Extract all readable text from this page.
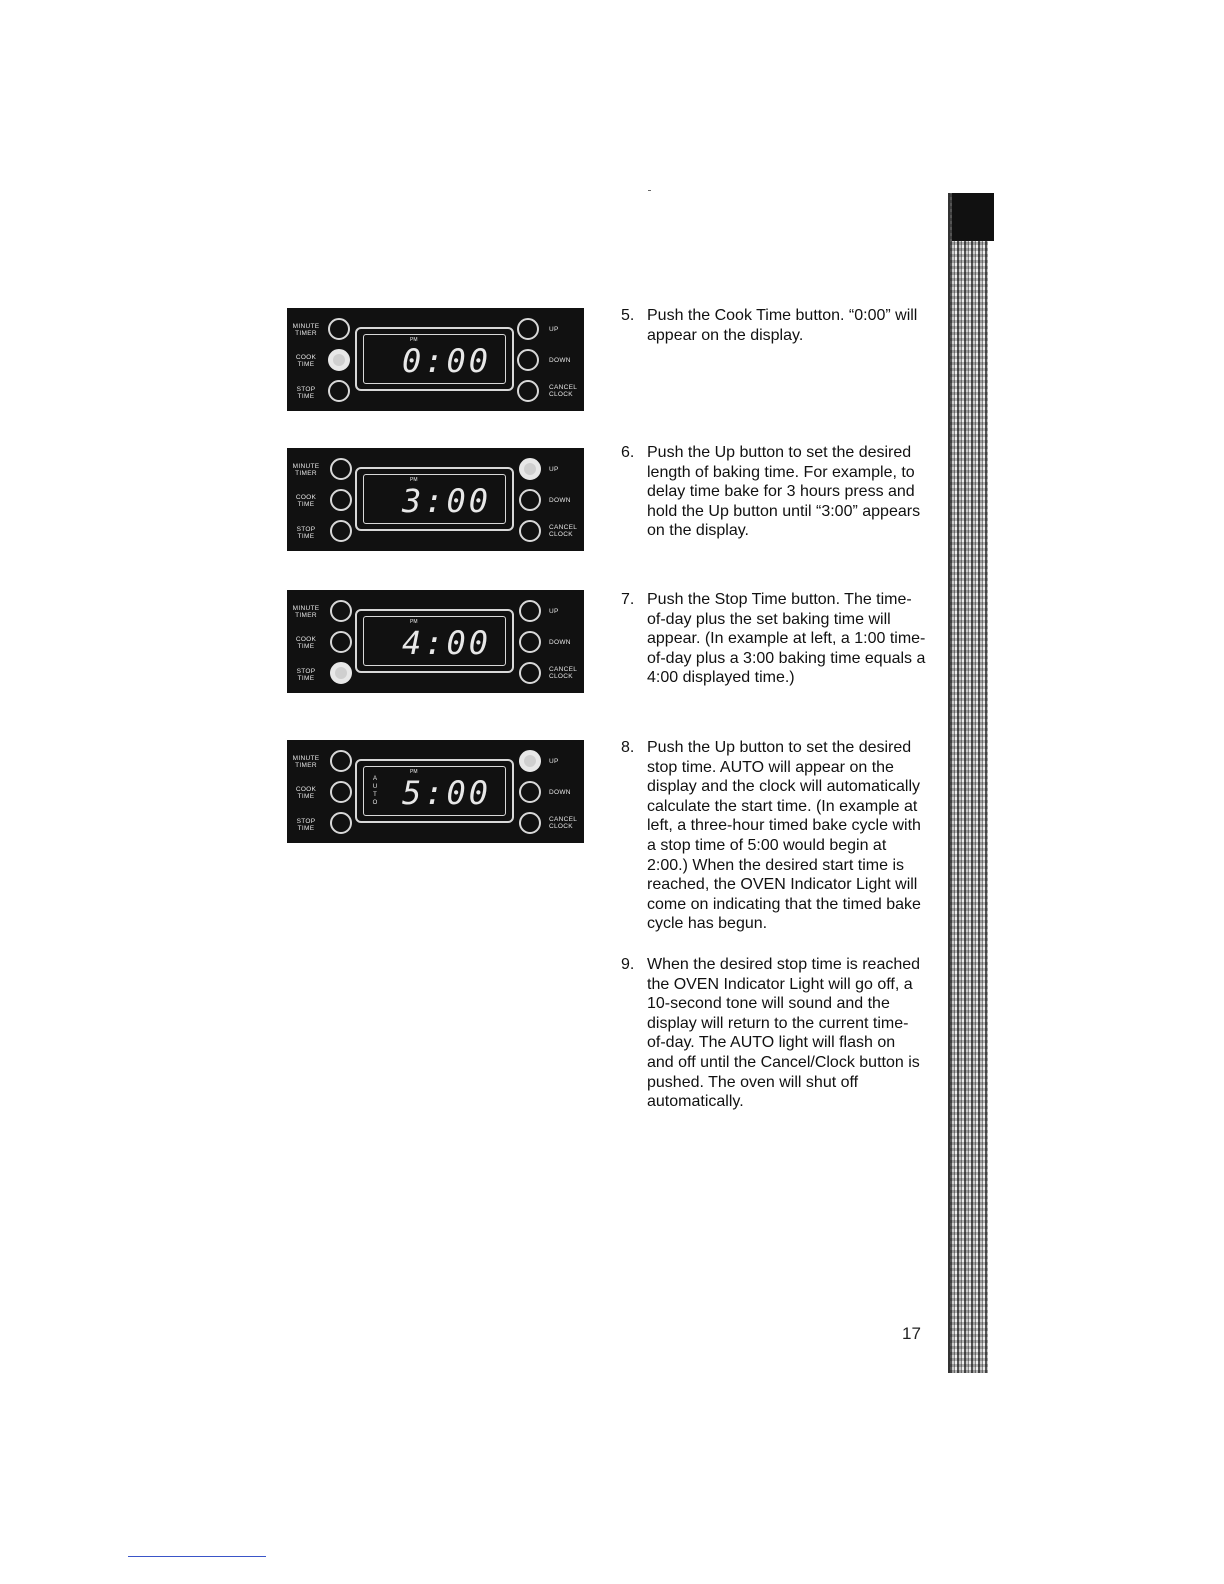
MINUTE
TIMER
COOK
TIME
STOP
TIME
PM
0:00
UP
DOWN
CANCEL
CLOCK
MINUTE
TIMER
COOK
TIME
STOP
TIME
PM
3:00
UP
DOWN
CANCEL
CLOCK
MINUTE
TIMER
COOK
TIME
STOP
TIME
PM
4:00
UP
DOWN
CANCEL
CLOCK
MINUTE
TIMER
COOK
TIME
STOP
TIME
A
U
T
O
PM
5:00
UP
DOWN
CANCEL
CLOCK
5. Push the Cook Time button. “0:00” will appear on the display.
6. Push the Up button to set the desired length of baking time. For example, to delay time bake for 3 hours press and hold the Up button until “3:00” appears on the display.
7. Push the Stop Time button. The time-of-day plus the set baking time will appear. (In example at left, a 1:00 time-of-day plus a 3:00 baking time equals a 4:00 displayed time.)
8. Push the Up button to set the desired stop time. AUTO will appear on the display and the clock will automatically calculate the start time. (In example at left, a three-hour timed bake cycle with a stop time of 5:00 would begin at 2:00.) When the desired start time is reached, the OVEN Indicator Light will come on indicating that the timed bake cycle has begun.
9. When the desired stop time is reached the OVEN Indicator Light will go off, a 10-second tone will sound and the display will return to the current time-of-day. The AUTO light will flash on and off until the Cancel/Clock button is pushed. The oven will shut off automatically.
17
